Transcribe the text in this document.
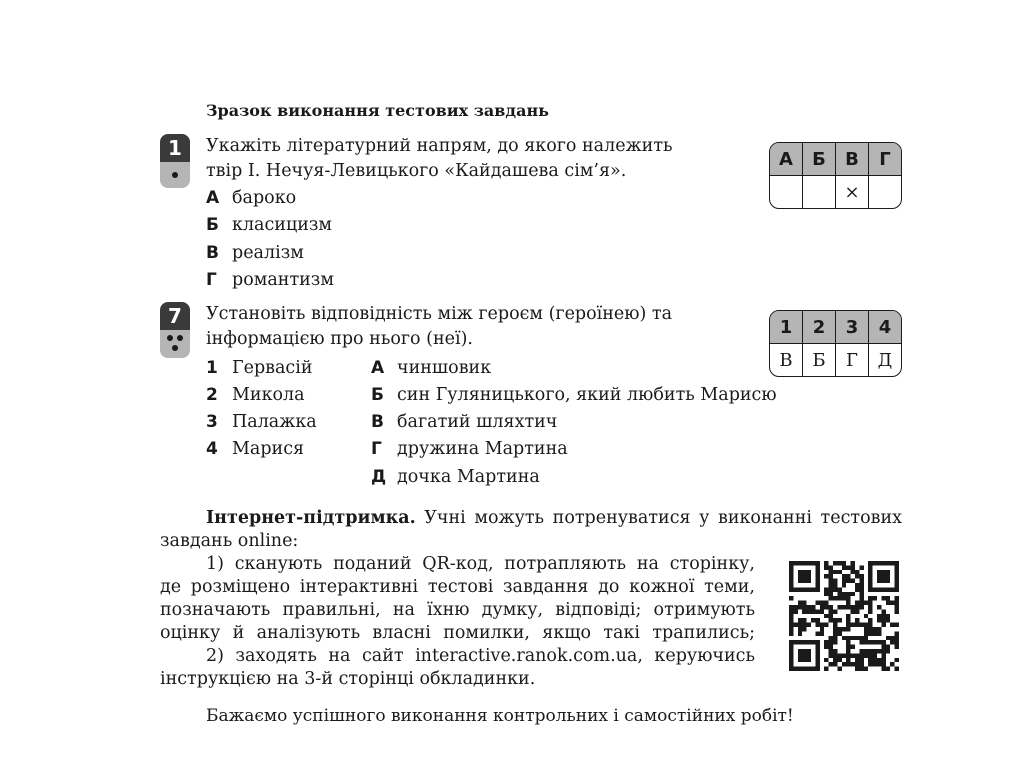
Зразок виконання тестових завдань
1	Укажіть літературний напрям, до якого належить
твір І. Нечуя-Левицького «Кайдашева сім’я».
А бароко
Б класицизм
В реалізм
Г романтизм
А	Б	В	Г
		×	
7	Установіть відповідність між героєм (героїнею) та
інформацією про нього (неї).
1 Гервасій
2 Микола
3 Палажка
4 Марися
А чиншовик
Б син Гуляницького, який любить Марисю
В багатий шляхтич
Г дружина Мартина
Д дочка Мартина
1	2	3	4
В	Б	Г	Д
Інтернет-підтримка. Учні можуть потренуватися у виконанні тестових
завдань online:
1) сканують поданий QR-код, потрапляють на сторінку,
де розміщено інтерактивні тестові завдання до кожної теми,
позначають правильні, на їхню думку, відповіді; отримують
оцінку й аналізують власні помилки, якщо такі трапились;
2) заходять на сайт interactive.ranok.com.ua, керуючись
інструкцією на 3-й сторінці обкладинки.
Бажаємо успішного виконання контрольних і самостійних робіт!
